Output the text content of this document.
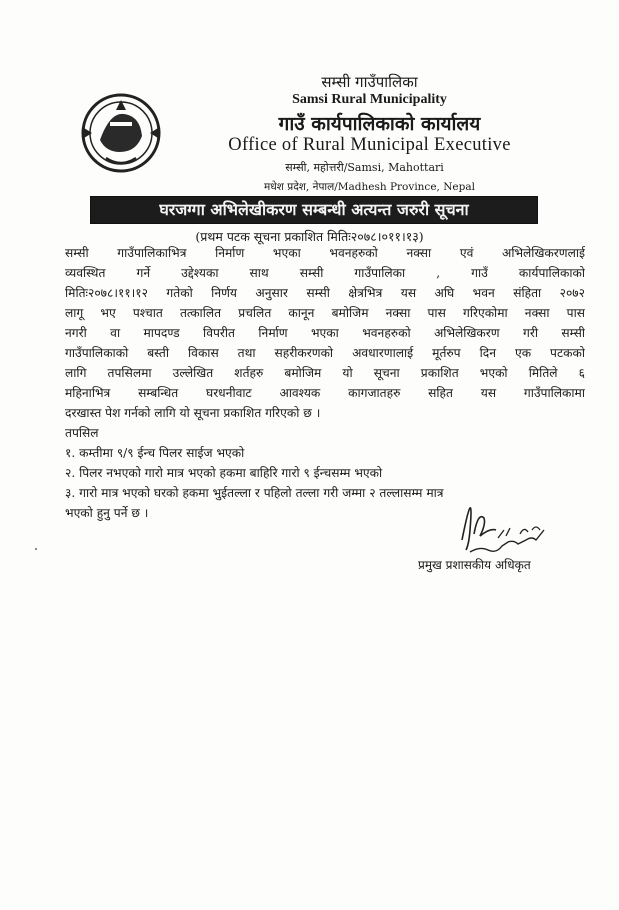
सम्सी गाउँपालिका
Samsi Rural Municipality
गाउँ कार्यपालिकाको कार्यालय
Office of Rural Municipal Executive
सम्सी, महोत्तरी/Samsi, Mahottari
मधेश प्रदेश, नेपाल/Madhesh Province, Nepal
घरजग्गा अभिलेखीकरण सम्बन्धी अत्यन्त जरुरी सूचना
(प्रथम पटक सूचना प्रकाशित मितिः२०७८।०११।१३)
सम्सी गाउँपालिकाभित्र निर्माण भएका भवनहरुको नक्सा एवं अभिलेखिकरणलाई
व्यवस्थित गर्ने उद्देश्यका साथ सम्सी गाउँपालिका , गाउँ कार्यपालिकाको
मितिः२०७८।११।१२ गतेको निर्णय अनुसार सम्सी क्षेत्रभित्र यस अघि भवन संहिता २०७२
लागू भए पश्चात तत्कालित प्रचलित कानून बमोजिम नक्सा पास गरिएकोमा नक्सा पास
नगरी वा मापदण्ड विपरीत निर्माण भएका भवनहरुको अभिलेखिकरण गरी सम्सी
गाउँपालिकाको बस्ती विकास तथा सहरीकरणको अवधारणालाई मूर्तरुप दिन एक पटकको
लागि तपसिलमा उल्लेखित शर्तहरु बमोजिम यो सूचना प्रकाशित भएको मितिले ६
महिनाभित्र सम्बन्धित घरधनीवाट आवश्यक कागजातहरु सहित यस गाउँपालिकामा
दरखास्त पेश गर्नको लागि यो सूचना प्रकाशित गरिएको छ ।
तपसिल
१. कम्तीमा ९/९ ईन्च पिलर साईज भएको
२. पिलर नभएको गारो मात्र भएको हकमा बाहिरि गारो ९ ईन्चसम्म भएको
३. गारो मात्र भएको घरको हकमा भुईतल्ला र पहिलो तल्ला गरी जम्मा २ तल्लासम्म मात्र
भएको हुनु पर्ने छ ।
प्रमुख प्रशासकीय अधिकृत
